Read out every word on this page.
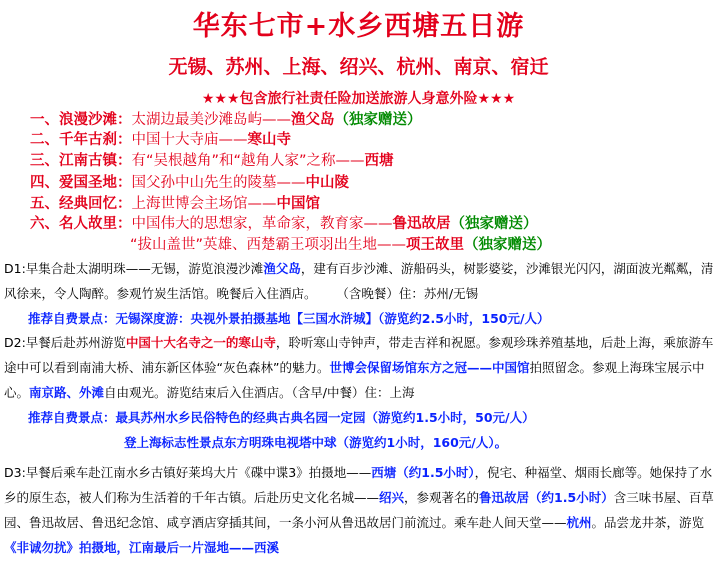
华东七市+水乡西塘五日游
无锡、苏州、上海、绍兴、杭州、南京、宿迁
★★★包含旅行社责任险加送旅游人身意外险★★★
一、浪漫沙滩：太湖边最美沙滩岛屿——渔父岛（独家赠送）
二、千年古刹：中国十大寺庙——寒山寺
三、江南古镇：有“吴根越角”和“越角人家”之称——西塘
四、爱国圣地：国父孙中山先生的陵墓——中山陵
五、经典回忆：上海世博会主场馆——中国馆
六、名人故里：中国伟大的思想家，革命家，教育家——鲁迅故居（独家赠送）
“拔山盖世”英雄、西楚霸王项羽出生地——项王故里（独家赠送）

D1:早集合赴太湖明珠——无锡，游览浪漫沙滩渔父岛，建有百步沙滩、游船码头，树影婆娑，沙滩银光闪闪，湖面波光粼粼，清风徐来，令人陶醉。参观竹炭生活馆。晚餐后入住酒店。 （含晚餐）住：苏州/无锡

推荐自费景点：无锡深度游：央视外景拍摄基地【三国水浒城】（游览约2.5小时，150元/人）

D2:早餐后赴苏州游览中国十大名寺之一的寒山寺，聆听寒山寺钟声，带走吉祥和祝愿。参观珍珠养殖基地，后赴上海，乘旅游车途中可以看到南浦大桥、浦东新区体验“灰色森林”的魅力。世博会保留场馆东方之冠——中国馆拍照留念。参观上海珠宝展示中心。南京路、外滩自由观光。游览结束后入住酒店。（含早/中餐）住：上海

推荐自费景点：最具苏州水乡民俗特色的经典古典名园一定园（游览约1.5小时，50元/人）

登上海标志性景点东方明珠电视塔中球（游览约1小时，160元/人）。

D3:早餐后乘车赴江南水乡古镇好莱坞大片《碟中谍3》拍摄地——西塘（约1.5小时），倪宅、种福堂、烟雨长廊等。她保持了水乡的原生态，被人们称为生活着的千年古镇。后赴历史文化名城——绍兴，参观著名的鲁迅故居（约1.5小时）含三味书屋、百草园、鲁迅故居、鲁迅纪念馆、咸亨酒店穿插其间，一条小河从鲁迅故居门前流过。乘车赴人间天堂——杭州。品尝龙井茶，游览《非诚勿扰》拍摄地，江南最后一片湿地——西溪
